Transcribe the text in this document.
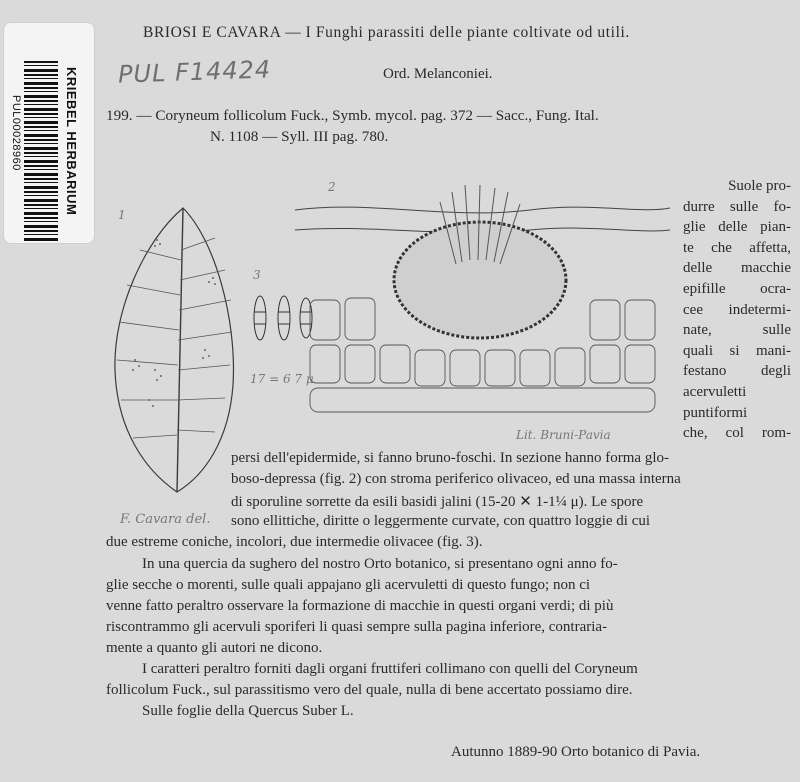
KRIEBEL HERBARIUM
PUL00028960
BRIOSI E CAVARA — I Funghi parassiti delle piante coltivate od utili.
PUL F14424	Ord. Melanconiei.
199. — Coryneum follicolum Fuck., Symb. mycol. pag. 372 — Sacc., Fung. Ital.
N. 1108 — Syll. III pag. 780.
1
3
17 = 6 7 μ
2
Lit. Bruni-Pavia
F. Cavara del.
Suole pro-
durre sulle fo-
glie delle pian-
te che affetta,
delle macchie
epifille ocra-
cee indetermi-
nate, sulle
quali si mani-
festano degli
acervuletti
puntiformi
che, col rom-
persi dell'epidermide, si fanno bruno-foschi. In sezione hanno forma glo-
boso-depressa (fig. 2) con stroma periferico olivaceo, ed una massa interna
di sporuline sorrette da esili basidi jalini (15-20 ✕ 1-1¼ μ). Le spore
sono ellittiche, diritte o leggermente curvate, con quattro loggie di cui
due estreme coniche, incolori, due intermedie olivacee (fig. 3).
In una quercia da sughero del nostro Orto botanico, si presentano ogni anno fo-
glie secche o morenti, sulle quali appajano gli acervuletti di questo fungo; non ci
venne fatto peraltro osservare la formazione di macchie in questi organi verdi; di più
riscontrammo gli acervuli sporiferi li quasi sempre sulla pagina inferiore, contraria-
mente a quanto gli autori ne dicono.
I caratteri peraltro forniti dagli organi fruttiferi collimano con quelli del Coryneum
follicolum Fuck., sul parassitismo vero del quale, nulla di bene accertato possiamo dire.
Sulle foglie della Quercus Suber L.
Autunno 1889-90 Orto botanico di Pavia.
